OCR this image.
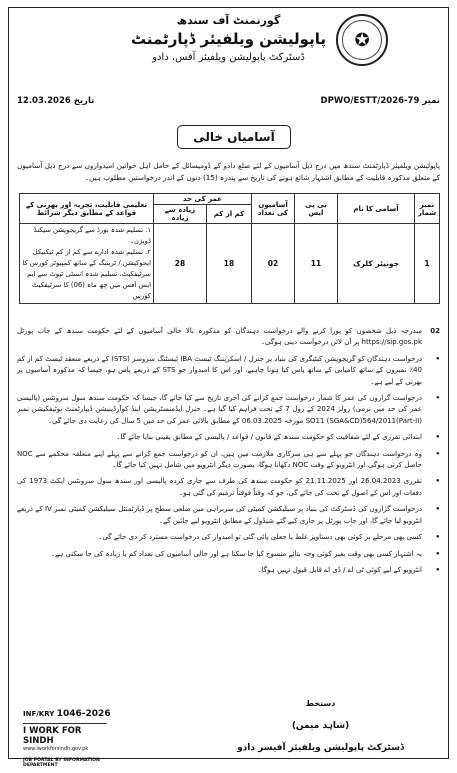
✪
گورنمنٹ آف سندھ
پاپولیشن ویلفیئر ڈپارٹمنٹ
ڈسٹرکٹ پاپولیشن ویلفیئر آفس، دادو
نمبر DPWO/ESTT/2026-79
تاریخ 12.03.2026
آسامیاں خالی
پاپولیشن ویلفیئر ڈپارٹمنٹ سندھ میں درج ذیل آسامیوں کے لئے ضلع دادو کے ڈومیسائل کے حامل اہل خواتین امیدواروں سے درج ذیل آسامیوں کے متعلق مذکورہ قابلیت کے مطابق اشتہار شائع ہونے کی تاریخ سے پندرہ (15) دنوں کے اندر درخواستیں مطلوب ہیں۔
نمبر شمار	آسامی کا نام	بی پی ایس	آسامیوں کی تعداد	عمر کی حد		تعلیمی قابلیت، تجربہ اور بھرتی کے قواعد کے مطابق دیگر شرائط
				کم از کم	زیادہ سے زیادہ	
1	جونیئر کلرک	11	02	18	28	۱. تسلیم شدہ بورڈ سے گریجویشن سیکنڈ ڈویژن۔
۲. تسلیم شدہ ادارے سے کم از کم ٹیکنیکل ایجوکیشن / ٹریننگ کے ساتھ کمپیوٹر کورس کا سرٹیفکیٹ، تسلیم شدہ انسٹی ٹیوٹ سے ایم ایس آفس میں چھ ماہ (06) کا سرٹیفکیٹ کورس

02
مندرجہ ذیل شخصوں کو پورا کرنے والے درخواست دہندگان کو مذکورہ بالا خالی آسامیوں کے لئے حکومت سندھ کے جاب پورٹل https://sip.gos.pk پر آن لائن درخواست دینی ہوگی۔

•
درخواست دہندگان کو گریجویشن کیٹیگری کی بنیاد پر جنرل / اسکریننگ ٹیسٹ IBA ٹیسٹنگ سروسز (STS) کے ذریعے منعقد ٹیسٹ کم از کم 40٪ نمبروں کے ساتھ کامیابی کے ساتھ پاس کیا ہونا چاہیے، اور اس کا امیدوار جو STS کے ذریعے پاس ہو، جیسا کہ مذکورہ آسامیوں پر بھرتی کے لیے ہے۔

•
درخواست گزاروں کی عمر کا شمار درخواست جمع کرانے کی آخری تاریخ سے کیا جائے گا، جیسا کہ حکومت سندھ سول سرونٹس (پالیسی عمر کی حد میں نرمی) رولز 2024 کے رول 7 کے تحت فراہم کیا گیا ہے۔ جنرل ایڈمنسٹریشن اینڈ کوآرڈینیشن ڈیپارٹمنٹ نوٹیفکیشن نمبر SO11 (SGA&CD)564/2011(Part-II) مورخہ 06.03.2025 کے مطابق بالائی عمر کی حد میں 5 سال کی رعایت دی جائے گی۔

•
ابتدائی تقرری کے لئے شفافیت کو حکومت سندھ کے قانون / قواعد / پالیسی کے مطابق یقینی بنایا جائے گا۔

•
وہ درخواست دہندگان جو پہلے سے ہی سرکاری ملازمت میں ہیں، ان کو درخواست جمع کرانے سے پہلے اپنے متعلقہ محکمے سے NOC حاصل کرنی ہوگی اور انٹرویو کے وقت NOC دکھانا ہوگا، بصورت دیگر انٹرویو میں شامل نہیں کیا جائے گا۔

•
تقرری 26.04.2023 اور 21.11.2025 کو حکومت سندھ کی طرف سے جاری کردہ پالیسی اور سندھ سول سرونٹس ایکٹ 1973 کی دفعات اور اس کے اصول کے تحت کی جائے گی، جو کہ وقتاً فوقتاً ترمیم کی گئی ہو۔

•
درخواست گزاروں کی ڈسٹرکٹ کی بنیاد پر سیلیکشن کمیٹی کی سربراہی میں ضلعی سطح پر ڈپارٹمنٹل سیلیکشن کمیٹی نمبر IV کے ذریعے انٹرویو لیا جائے گا، اور جاب پورٹل پر جاری کیے گئے شیڈول کے مطابق انٹرویو لیے جائیں گے۔

•
کسی بھی مرحلے پر کوئی بھی دستاویز غلط یا جعلی پائی گئی تو امیدوار کی درخواست مسترد کر دی جائے گی۔

•
یہ اشتہار کسی بھی وقت بغیر کوئی وجہ بتائے منسوخ کیا جا سکتا ہے اور خالی آسامیوں کی تعداد کم یا زیادہ کی جا سکتی ہے۔

•
انٹرویو کے لیے کوئی ٹی اے / ڈی اے قابل قبول نہیں ہوگا۔

دستخط
(شاہد میمن)
ڈسٹرکٹ پاپولیشن ویلفیئر آفیسر دادو
INF/KRY 1046-2026
I WORK FOR SINDH
www.iworkforsindh.gov.pk
JOB PORTAL BY INFORMATION DEPARTMENT
